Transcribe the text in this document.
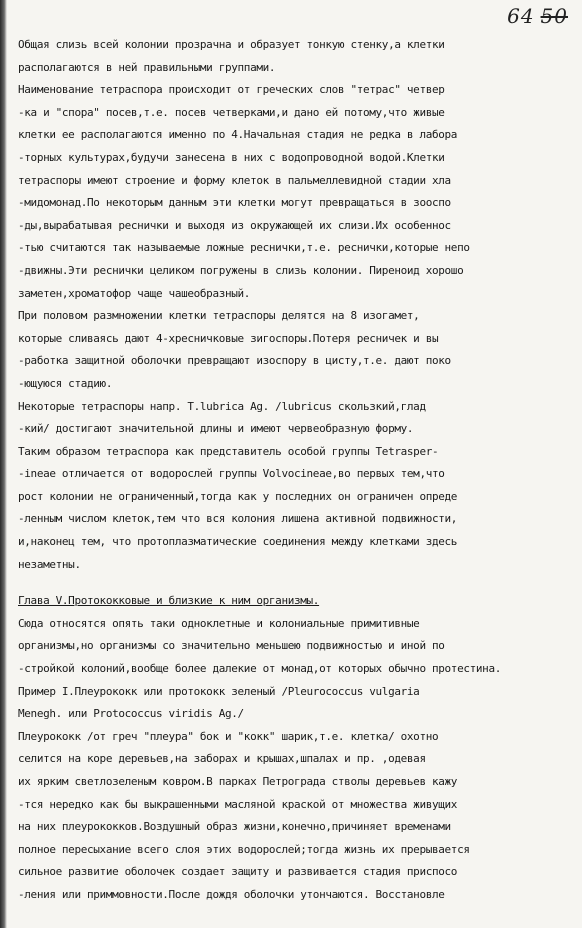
64 50
Общая слизь всей колонии прозрачна и образует тонкую стенку,а клетки
располагаются в ней правильными группами.
Наименование тетраспора происходит от греческих слов "тетрас" четвер
-ка и "спора" посев,т.е. посев четверками,и дано ей потому,что живые
клетки ее располагаются именно по 4.Начальная стадия не редка в лабора
-торных культурах,будучи занесена в них с водопроводной водой.Клетки
тетраспоры имеют строение и форму клеток в пальмеллевидной стадии хла
-мидомонад.По некоторым данным эти клетки могут превращаться в зооспо
-ды,вырабатывая реснички и выходя из окружающей их слизи.Их особеннос
-тью считаются так называемые ложные реснички,т.е. реснички,которые непо
-движны.Эти реснички целиком погружены в слизь колонии. Пиреноид хорошо
заметен,хроматофор чаще чашеобразный.
При половом размножении клетки тетраспоры делятся на 8 изогамет,
которые сливаясь дают 4-хресничковые зигоспоры.Потеря ресничек и вы
-работка защитной оболочки превращают изоспору в цисту,т.е. дают поко
-ющуюся стадию.
Некоторые тетраспоры напр. T.lubrica Ag. /lubricus скользкий,глад
-кий/ достигают значительной длины и имеют червеобразную форму.
Таким образом тетраспора как представитель особой группы Tetrasper-
-ineae отличается от водорослей группы Volvocineae,во первых тем,что
рост колонии не ограниченный,тогда как у последних он ограничен опреде
-ленным числом клеток,тем что вся колония лишена активной подвижности,
и,наконец тем, что протоплазматические соединения между клетками здесь
незаметны.
Глава V.Протококковые и близкие к ним организмы.
Сюда относятся опять таки одноклетные и колониальные примитивные
организмы,но организмы со значительно меньшею подвижностью и иной по
-стройкой колоний,вообще более далекие от монад,от которых обычно протестина.
Пример I.Плеурококк или протококк зеленый /Pleurococcus vulgaria
Menegh. или Protococcus viridis Ag./
Плеурококк /от греч "плеура" бок и "кокк" шарик,т.е. клетка/ охотно
селится на коре деревьев,на заборах и крышах,шпалах и пр. ,одевая
их ярким светлозеленым ковром.В парках Петрограда стволы деревьев кажу
-тся нередко как бы выкрашенными масляной краской от множества живущих
на них плеурококков.Воздушный образ жизни,конечно,причиняет временами
полное пересыхание всего слоя этих водорослей;тогда жизнь их прерывается
сильное развитие оболочек создает защиту и развивается стадия приспосо
-ления или приммовности.После дождя оболочки утончаются. Восстановле
